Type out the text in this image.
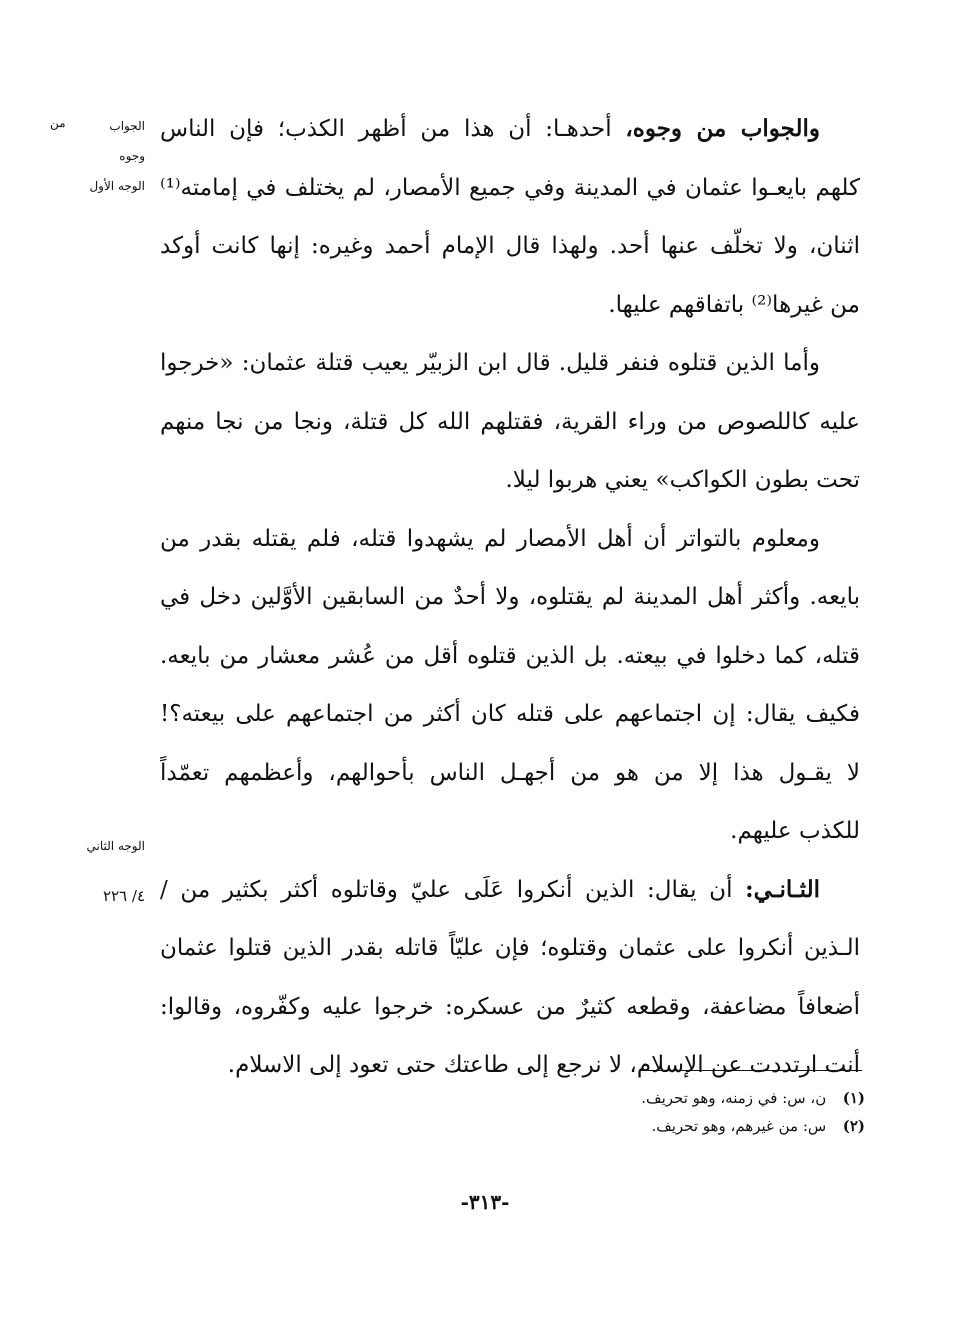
الجواب
من
وجوه
الوجه الأول
الوجه الثاني
٤/ ٢٢٦
والجواب من وجوه، أحدهـا: أن هذا من أظهر الكذب؛ فإن الناس
كلهم بايعـوا عثمان في المدينة وفي جميع الأمصار، لم يختلف في إمامته⁽¹⁾
اثنان، ولا تخلّف عنها أحد. ولهذا قال الإمام أحمد وغيره: إنها كانت أوكد
من غيرها⁽²⁾ باتفاقهم عليها.
وأما الذين قتلوه فنفر قليل. قال ابن الزبيّر يعيب قتلة عثمان: «خرجوا
عليه كاللصوص من وراء القرية، فقتلهم الله كل قتلة، ونجا من نجا منهم
تحت بطون الكواكب» يعني هربوا ليلا.
ومعلوم بالتواتر أن أهل الأمصار لم يشهدوا قتله، فلم يقتله بقدر من
بايعه. وأكثر أهل المدينة لم يقتلوه، ولا أحدٌ من السابقين الأوَّلين دخل في
قتله، كما دخلوا في بيعته. بل الذين قتلوه أقل من عُشر معشار من بايعه.
فكيف يقال: إن اجتماعهم على قتله كان أكثر من اجتماعهم على بيعته؟!
لا يقـول هذا إلا من هو من أجهـل الناس بأحوالهم، وأعظمهم تعمّداً
للكذب عليهم.
الثـانـي: أن يقال: الذين أنكروا عَلَى عليّ وقاتلوه أكثر بكثير من /
الـذين أنكروا على عثمان وقتلوه؛ فإن عليّاً قاتله بقدر الذين قتلوا عثمان
أضعافاً مضاعفة، وقطعه كثيرٌ من عسكره: خرجوا عليه وكفّروه، وقالوا:
أنت ارتددت عن الإسلام، لا نرجع إلى طاعتك حتى تعود إلى الاسلام.
(١) ن، س: في زمنه، وهو تحريف.
(٢) س: من غيرهم، وهو تحريف.
-٣١٣-
